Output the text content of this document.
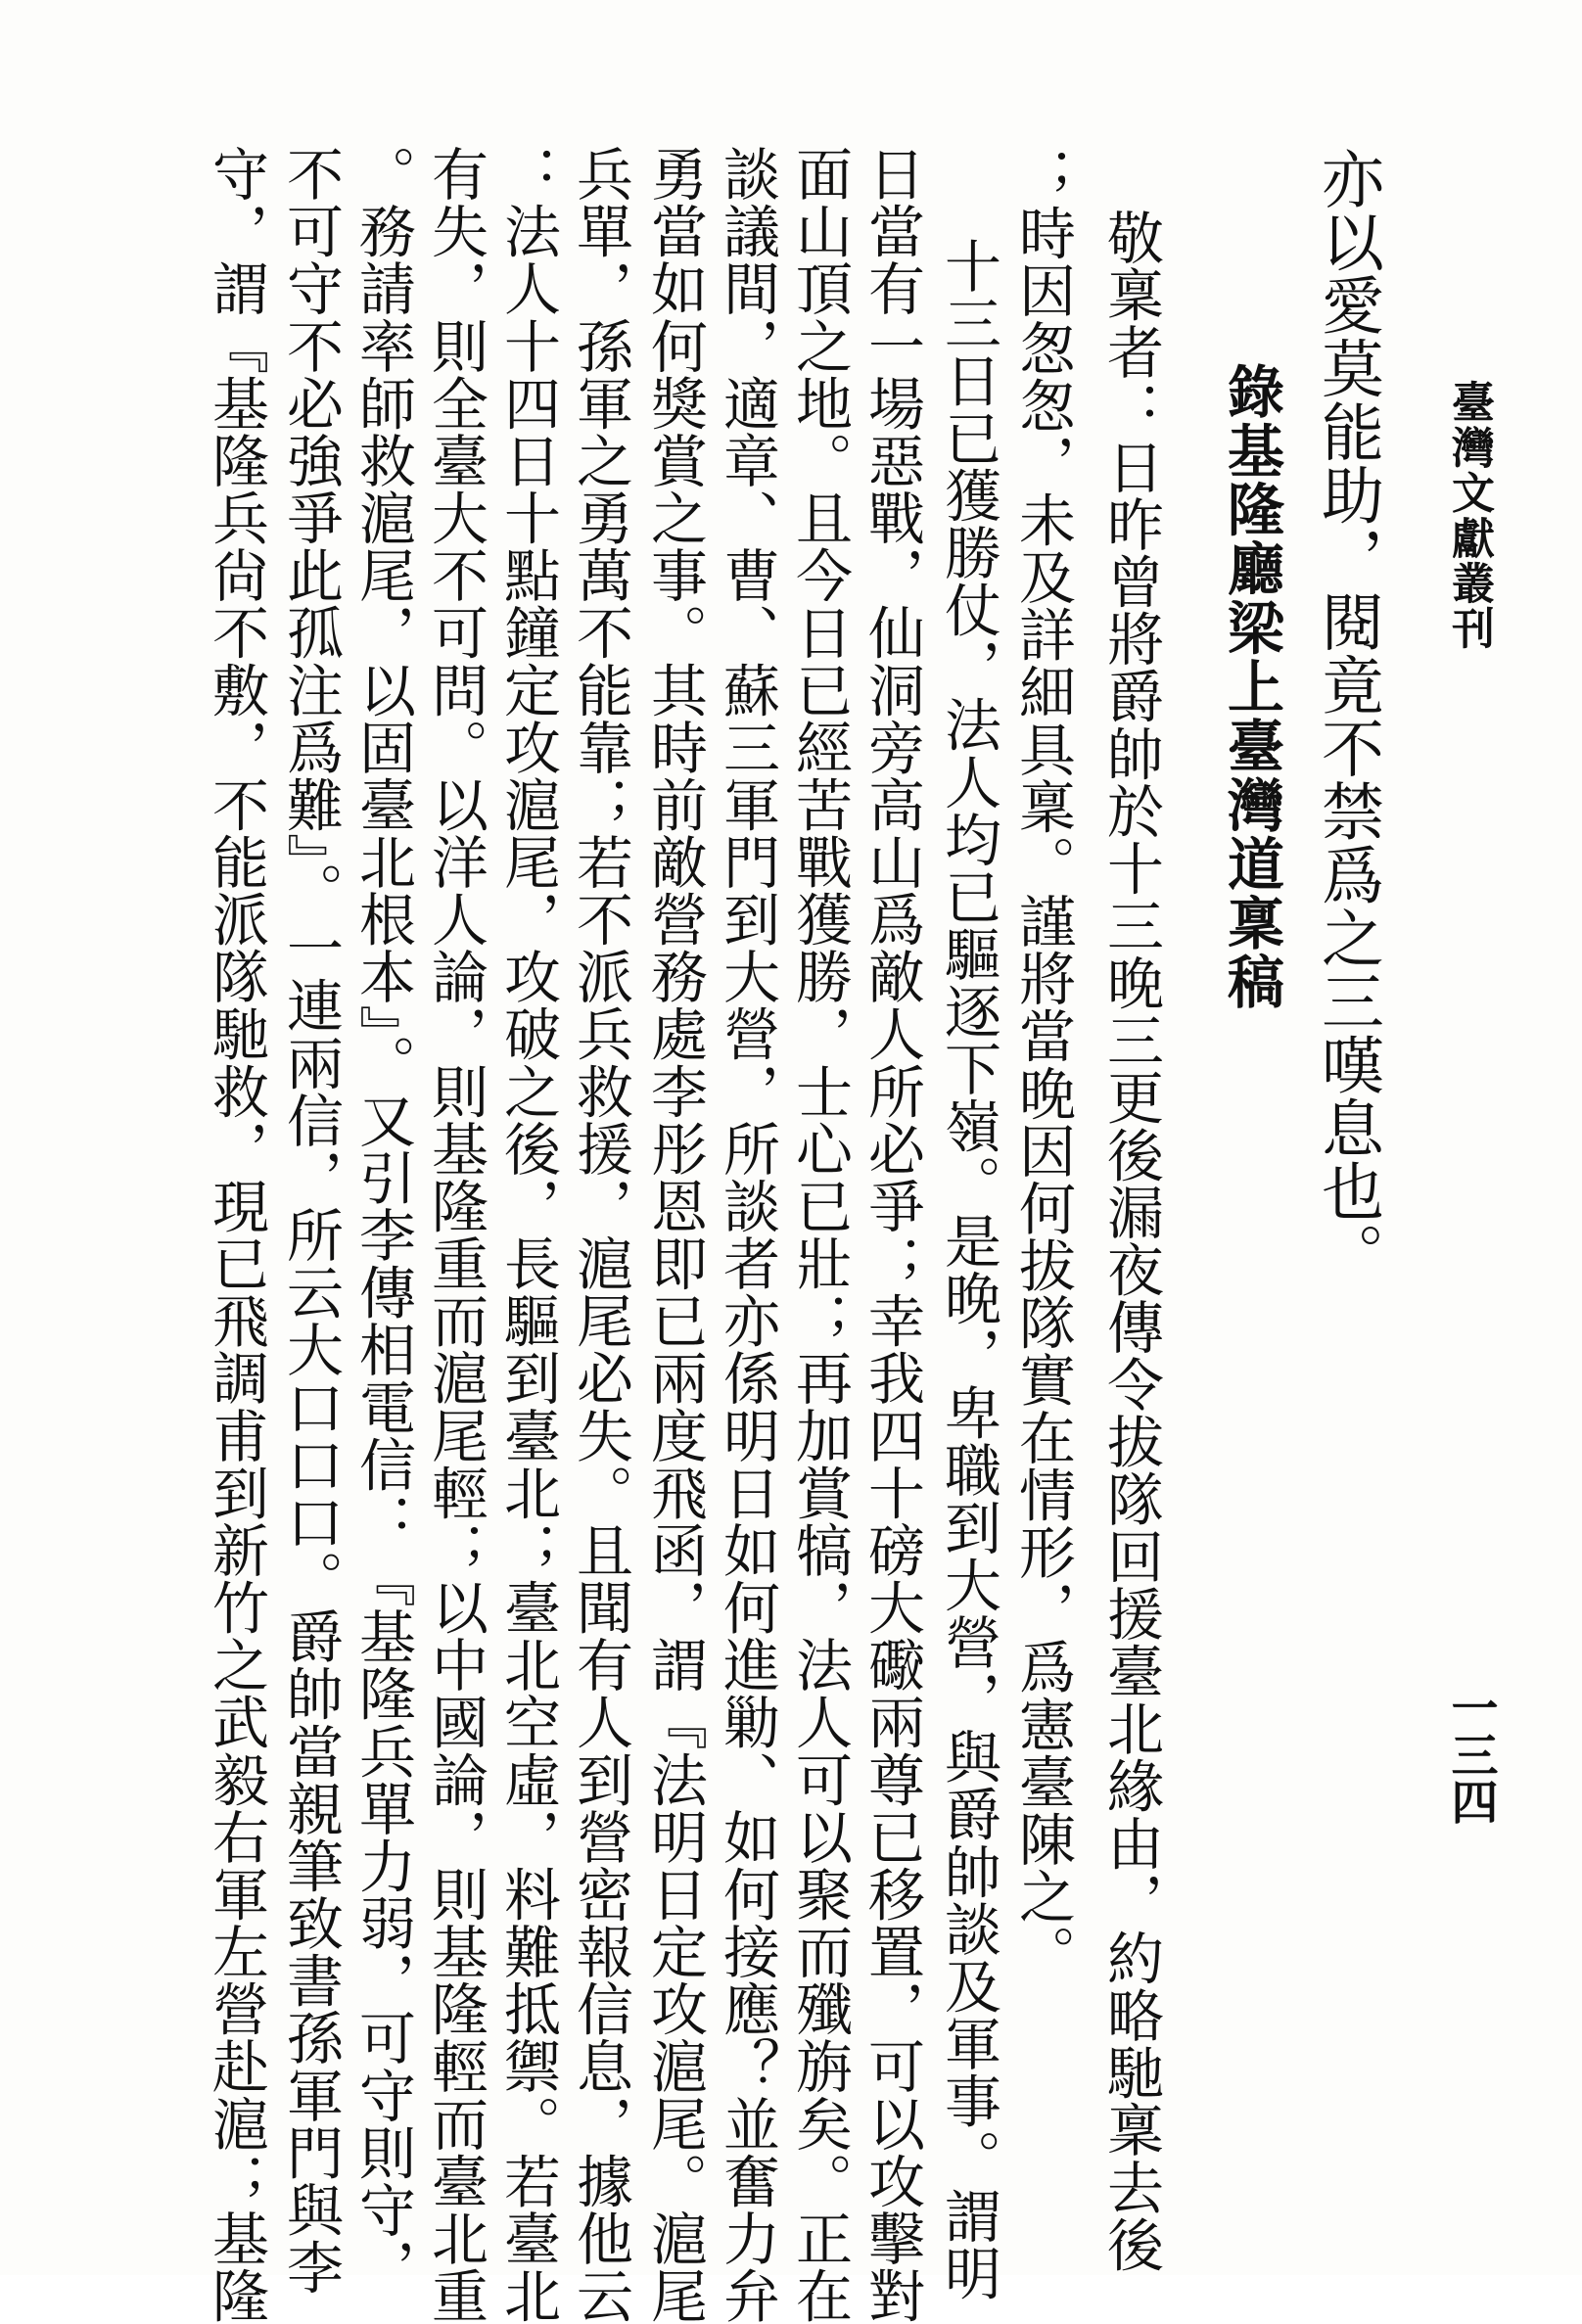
臺灣文獻叢刊
一三四
亦以愛莫能助，閱竟不禁爲之三嘆息也。
錄基隆廳梁上臺灣道稟稿
敬稟者：日昨曾將爵帥於十三晚三更後漏夜傳令拔隊回援臺北緣由，約略馳稟去後
；時因怱怱，未及詳細具稟。謹將當晚因何拔隊實在情形，爲憲臺陳之。
十三日已獲勝仗，法人均已驅逐下嶺。是晚，卑職到大營，與爵帥談及軍事。謂明
日當有一場惡戰，仙洞旁高山爲敵人所必爭；幸我四十磅大礮兩尊已移置，可以攻擊對
面山頂之地。且今日已經苦戰獲勝，士心已壯；再加賞犒，法人可以聚而殲旃矣。正在
談議間，適章、曹、蘇三軍門到大營，所談者亦係明日如何進勦、如何接應？並奮力弁
勇當如何獎賞之事。其時前敵營務處李彤恩即已兩度飛函，謂『法明日定攻滬尾。滬尾
兵單，孫軍之勇萬不能靠；若不派兵救援，滬尾必失。且聞有人到營密報信息，據他云
：法人十四日十點鐘定攻滬尾，攻破之後，長驅到臺北；臺北空虛，料難抵禦。若臺北
有失，則全臺大不可問。以洋人論，則基隆重而滬尾輕；以中國論，則基隆輕而臺北重
。務請率師救滬尾，以固臺北根本』。又引李傳相電信：『基隆兵單力弱，可守則守，
不可守不必強爭此孤注爲難』。一連兩信，所云大口口口。爵帥當親筆致書孫軍門與李
守，謂『基隆兵尙不敷，不能派隊馳救，現已飛調甫到新竹之武毅右軍左營赴滬；基隆
